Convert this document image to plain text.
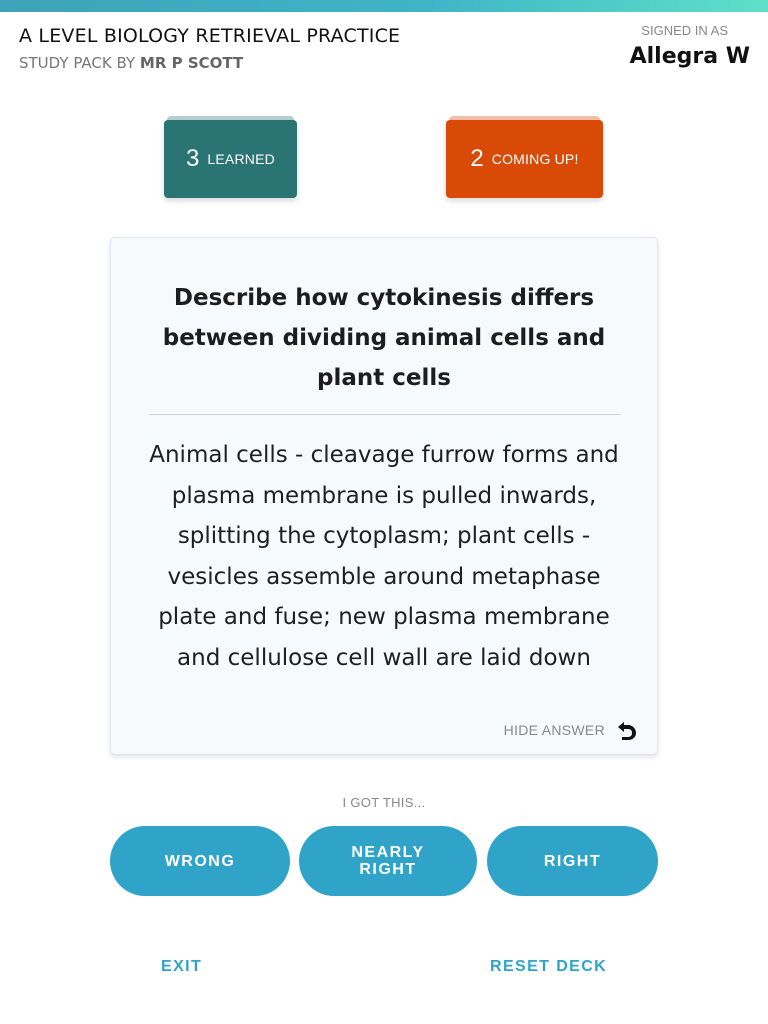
A LEVEL BIOLOGY RETRIEVAL PRACTICE
STUDY PACK BY MR P SCOTT
SIGNED IN AS
Allegra W
3 LEARNED	2 COMING UP!
Describe how cytokinesis differs between dividing animal cells and plant cells
Animal cells - cleavage furrow forms and plasma membrane is pulled inwards, splitting the cytoplasm; plant cells - vesicles assemble around metaphase plate and fuse; new plasma membrane and cellulose cell wall are laid down
HIDE ANSWER
I GOT THIS...
WRONG	NEARLY
RIGHT	RIGHT
EXIT	RESET DECK
